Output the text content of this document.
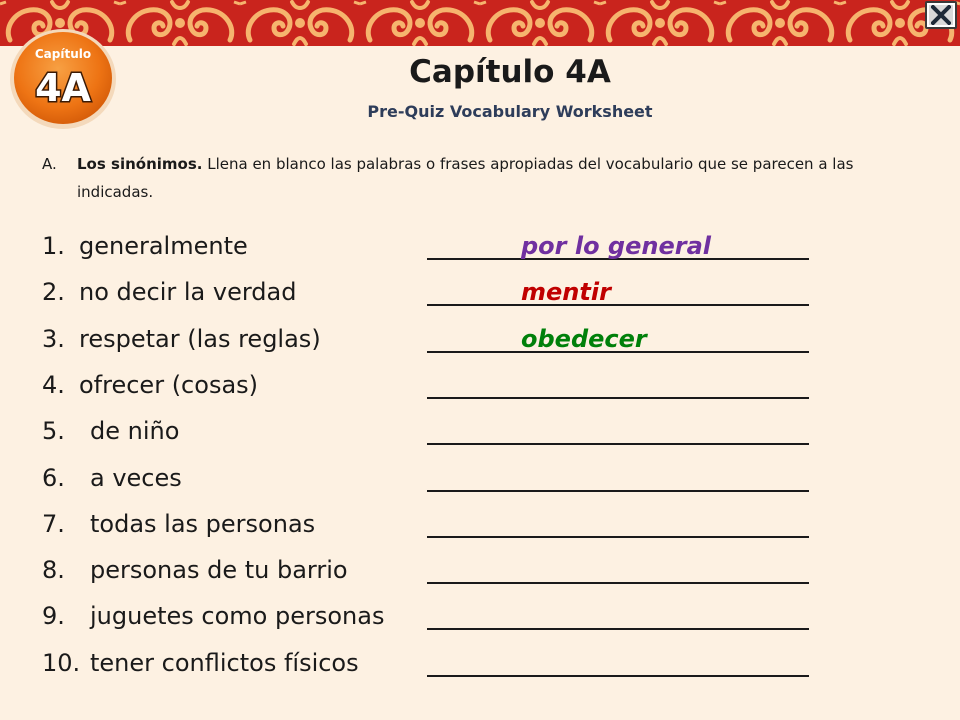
Capítulo
4A	Capítulo 4A
Pre-Quiz Vocabulary Worksheet
A. Los sinónimos. Llena en blanco las palabras o frases apropiadas del vocabulario que se parecen a las indicadas.
1. generalmente	por lo general
2. no decir la verdad	mentir
3. respetar (las reglas)	obedecer
4. ofrecer (cosas)
5. de niño
6. a veces
7. todas las personas
8. personas de tu barrio
9. juguetes como personas
10. tener conflictos físicos
